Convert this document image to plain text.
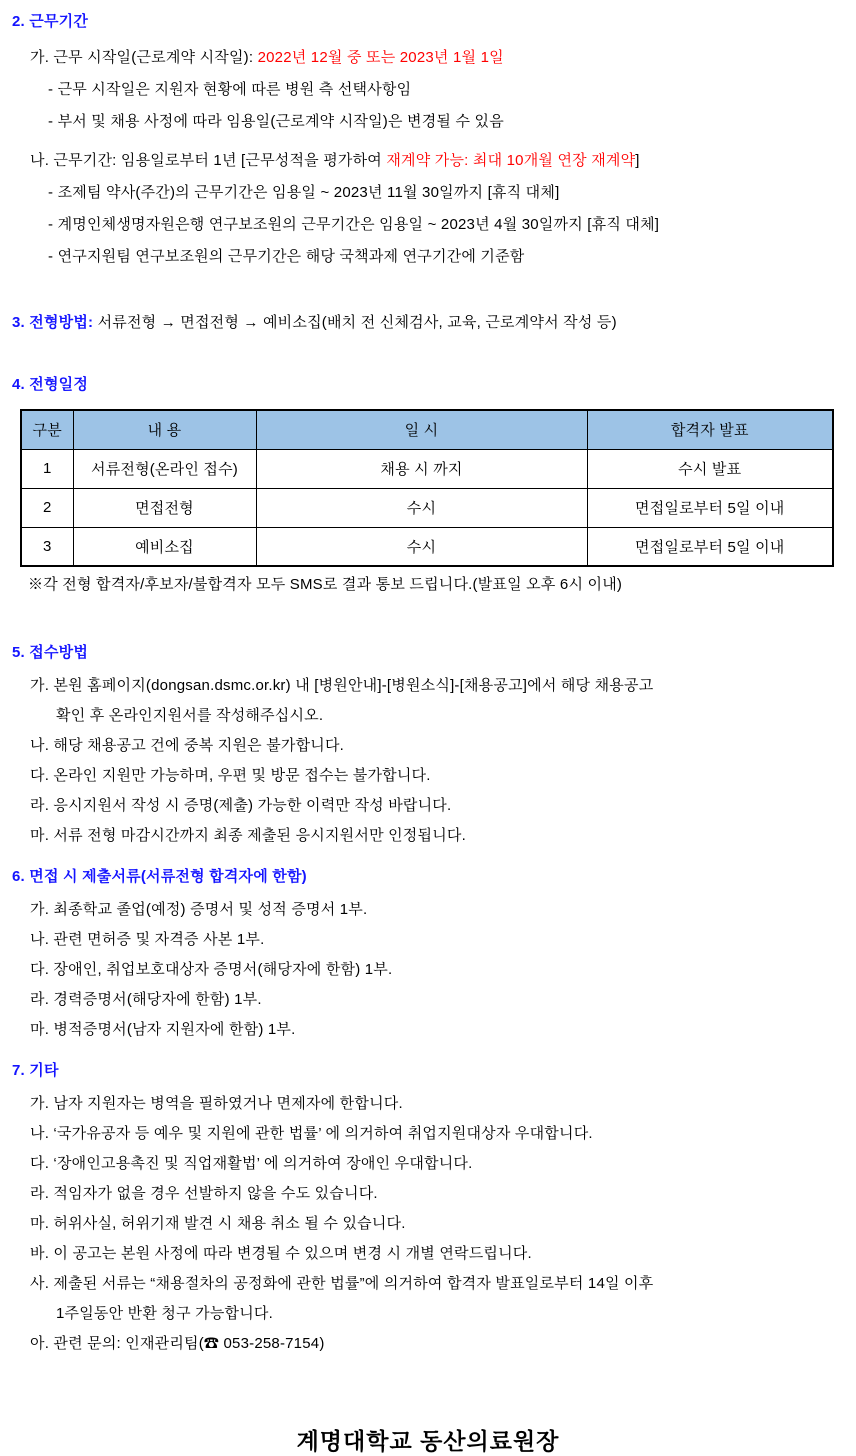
2. 근무기간
가. 근무 시작일(근로계약 시작일): 2022년 12월 중 또는 2023년 1월 1일
- 근무 시작일은 지원자 현황에 따른 병원 측 선택사항임
- 부서 및 채용 사정에 따라 임용일(근로계약 시작일)은 변경될 수 있음
나. 근무기간: 임용일로부터 1년 [근무성적을 평가하여 재계약 가능: 최대 10개월 연장 재계약]
- 조제팀 약사(주간)의 근무기간은 임용일 ~ 2023년 11월 30일까지 [휴직 대체]
- 계명인체생명자원은행 연구보조원의 근무기간은 임용일 ~ 2023년 4월 30일까지 [휴직 대체]
- 연구지원팀 연구보조원의 근무기간은 해당 국책과제 연구기간에 기준함
3. 전형방법: 서류전형 → 면접전형 → 예비소집(배치 전 신체검사, 교육, 근로계약서 작성 등)
4. 전형일정
구분	내 용	일 시	합격자 발표
1	서류전형(온라인 접수)	채용 시 까지	수시 발표
2	면접전형	수시	면접일로부터 5일 이내
3	예비소집	수시	면접일로부터 5일 이내
※각 전형 합격자/후보자/불합격자 모두 SMS로 결과 통보 드립니다.(발표일 오후 6시 이내)
5. 접수방법
가. 본원 홈페이지(dongsan.dsmc.or.kr) 내 [병원안내]-[병원소식]-[채용공고]에서 해당 채용공고
확인 후 온라인지원서를 작성해주십시오.
나. 해당 채용공고 건에 중복 지원은 불가합니다.
다. 온라인 지원만 가능하며, 우편 및 방문 접수는 불가합니다.
라. 응시지원서 작성 시 증명(제출) 가능한 이력만 작성 바랍니다.
마. 서류 전형 마감시간까지 최종 제출된 응시지원서만 인정됩니다.
6. 면접 시 제출서류(서류전형 합격자에 한함)
가. 최종학교 졸업(예정) 증명서 및 성적 증명서 1부.
나. 관련 면허증 및 자격증 사본 1부.
다. 장애인, 취업보호대상자 증명서(해당자에 한함) 1부.
라. 경력증명서(해당자에 한함) 1부.
마. 병적증명서(남자 지원자에 한함) 1부.
7. 기타
가. 남자 지원자는 병역을 필하였거나 면제자에 한합니다.
나. ‘국가유공자 등 예우 및 지원에 관한 법률’ 에 의거하여 취업지원대상자 우대합니다.
다. ‘장애인고용촉진 및 직업재활법’ 에 의거하여 장애인 우대합니다.
라. 적임자가 없을 경우 선발하지 않을 수도 있습니다.
마. 허위사실, 허위기재 발견 시 채용 취소 될 수 있습니다.
바. 이 공고는 본원 사정에 따라 변경될 수 있으며 변경 시 개별 연락드립니다.
사. 제출된 서류는 “채용절차의 공정화에 관한 법률”에 의거하여 합격자 발표일로부터 14일 이후
1주일동안 반환 청구 가능합니다.
아. 관련 문의: 인재관리팀(☎ 053-258-7154)
계명대학교 동산의료원장
